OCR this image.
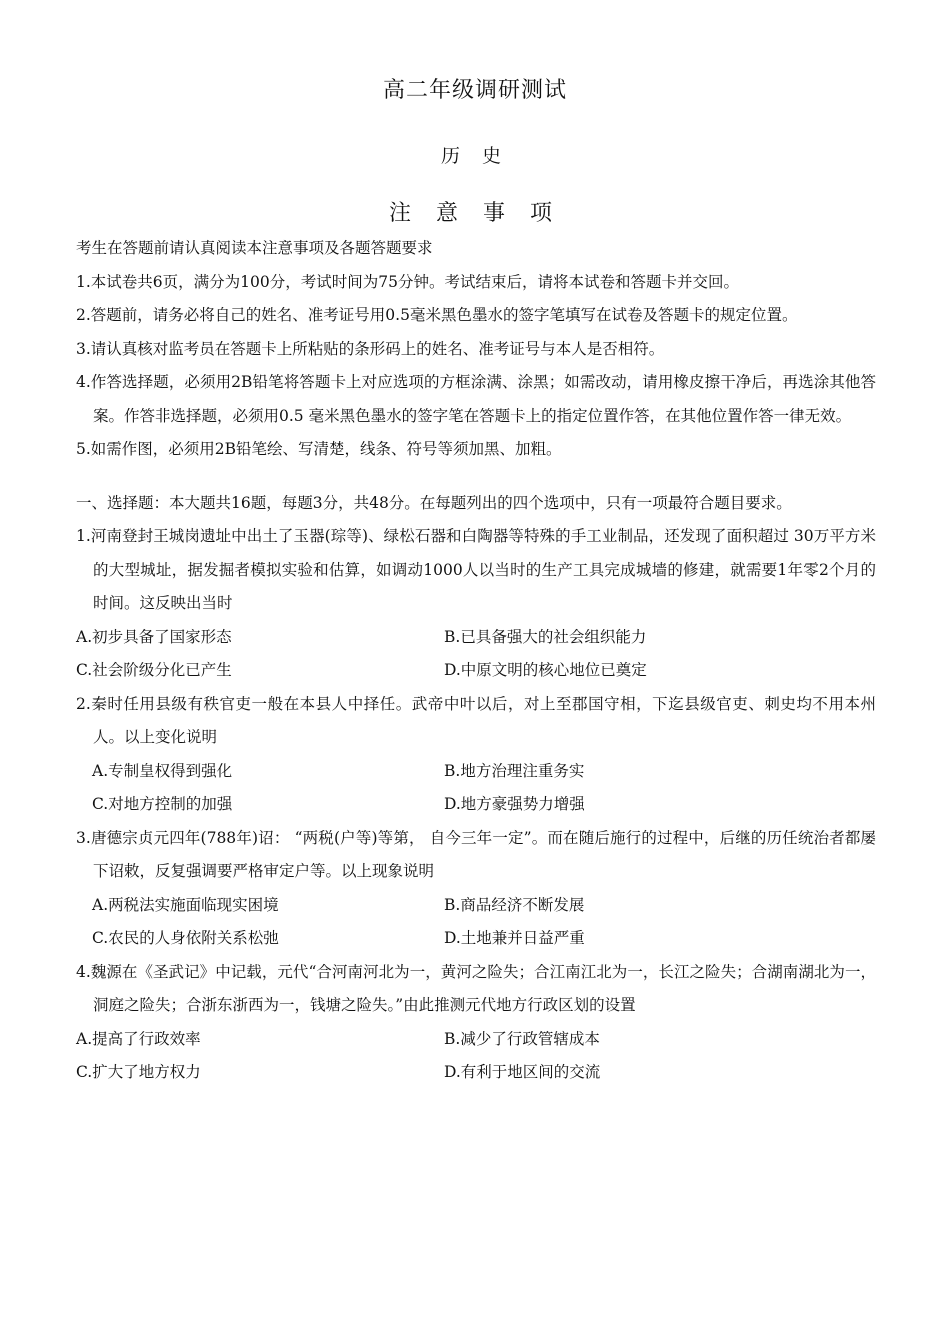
高二年级调研测试
历 史
注 意 事 项
考生在答题前请认真阅读本注意事项及各题答题要求
1.本试卷共6页，满分为100分，考试时间为75分钟。考试结束后，请将本试卷和答题卡并交回。
2.答题前，请务必将自己的姓名、准考证号用0.5毫米黑色墨水的签字笔填写在试卷及答题卡的规定位置。
3.请认真核对监考员在答题卡上所粘贴的条形码上的姓名、准考证号与本人是否相符。
4.作答选择题，必须用2B铅笔将答题卡上对应选项的方框涂满、涂黑；如需改动，请用橡皮擦干净后，再选涂其他答案。作答非选择题，必须用0.5 毫米黑色墨水的签字笔在答题卡上的指定位置作答，在其他位置作答一律无效。
5.如需作图，必须用2B铅笔绘、写清楚，线条、符号等须加黑、加粗。
一、选择题：本大题共16题，每题3分，共48分。在每题列出的四个选项中，只有一项最符合题目要求。
1.河南登封王城岗遗址中出土了玉器(琮等)、绿松石器和白陶器等特殊的手工业制品，还发现了面积超过 30万平方米的大型城址，据发掘者模拟实验和估算，如调动1000人以当时的生产工具完成城墙的修建，就需要1年零2个月的时间。这反映出当时
A.初步具备了国家形态	B.已具备强大的社会组织能力
C.社会阶级分化已产生	D.中原文明的核心地位已奠定
2.秦时任用县级有秩官吏一般在本县人中择任。武帝中叶以后，对上至郡国守相，下迄县级官吏、刺史均不用本州人。以上变化说明
A.专制皇权得到强化	B.地方治理注重务实
C.对地方控制的加强	D.地方豪强势力增强
3.唐德宗贞元四年(788年)诏： “两税(户等)等第， 自今三年一定”。而在随后施行的过程中，后继的历任统治者都屡下诏敕，反复强调要严格审定户等。以上现象说明
A.两税法实施面临现实困境	B.商品经济不断发展
C.农民的人身依附关系松弛	D.土地兼并日益严重
4.魏源在《圣武记》中记载，元代“合河南河北为一，黄河之险失；合江南江北为一，长江之险失；合湖南湖北为一，洞庭之险失；合浙东浙西为一，钱塘之险失。”由此推测元代地方行政区划的设置
A.提高了行政效率	B.减少了行政管辖成本
C.扩大了地方权力	D.有利于地区间的交流
